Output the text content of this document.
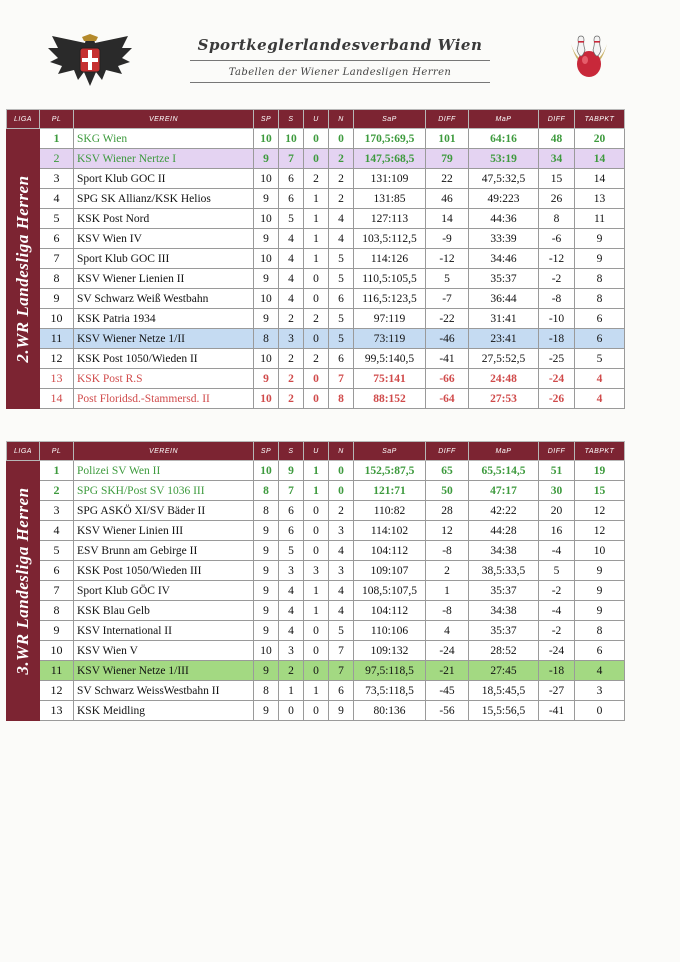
Sportkeglerlandesverband Wien
Tabellen der Wiener Landesligen Herren
LIGA	PL	VEREIN	SP	S	U	N	SaP	DIFF	MaP	DIFF	TABPKT
	1	SKG Wien	10	10	0	0	170,5:69,5	101	64:16	48	20
	2	KSV Wiener Nertze I	9	7	0	2	147,5:68,5	79	53:19	34	14
	3	Sport Klub GOC II	10	6	2	2	131:109	22	47,5:32,5	15	14
	4	SPG SK Allianz/KSK Helios	9	6	1	2	131:85	46	49:223	26	13
	5	KSK Post Nord	10	5	1	4	127:113	14	44:36	8	11
	6	KSV Wien IV	9	4	1	4	103,5:112,5	-9	33:39	-6	9
	7	Sport Klub GOC III	10	4	1	5	114:126	-12	34:46	-12	9
	8	KSV Wiener Lienien II	9	4	0	5	110,5:105,5	5	35:37	-2	8
	9	SV Schwarz Weiß Westbahn	10	4	0	6	116,5:123,5	-7	36:44	-8	8
	10	KSK Patria 1934	9	2	2	5	97:119	-22	31:41	-10	6
	11	KSV Wiener Netze 1/II	8	3	0	5	73:119	-46	23:41	-18	6
	12	KSK Post 1050/Wieden II	10	2	2	6	99,5:140,5	-41	27,5:52,5	-25	5
	13	KSK Post R.S	9	2	0	7	75:141	-66	24:48	-24	4
	14	Post Floridsd.-Stammersd. II	10	2	0	8	88:152	-64	27:53	-26	4
2.WR Landesliga Herren
LIGA	PL	VEREIN	SP	S	U	N	SaP	DIFF	MaP	DIFF	TABPKT
	1	Polizei SV Wen II	10	9	1	0	152,5:87,5	65	65,5:14,5	51	19
	2	SPG SKH/Post SV 1036 III	8	7	1	0	121:71	50	47:17	30	15
	3	SPG ASKÖ XI/SV Bäder II	8	6	0	2	110:82	28	42:22	20	12
	4	KSV Wiener Linien III	9	6	0	3	114:102	12	44:28	16	12
	5	ESV Brunn am Gebirge II	9	5	0	4	104:112	-8	34:38	-4	10
	6	KSK Post 1050/Wieden III	9	3	3	3	109:107	2	38,5:33,5	5	9
	7	Sport Klub GÖC IV	9	4	1	4	108,5:107,5	1	35:37	-2	9
	8	KSK Blau Gelb	9	4	1	4	104:112	-8	34:38	-4	9
	9	KSV International II	9	4	0	5	110:106	4	35:37	-2	8
	10	KSV Wien V	10	3	0	7	109:132	-24	28:52	-24	6
	11	KSV Wiener Netze 1/III	9	2	0	7	97,5:118,5	-21	27:45	-18	4
	12	SV Schwarz WeissWestbahn II	8	1	1	6	73,5:118,5	-45	18,5:45,5	-27	3
	13	KSK Meidling	9	0	0	9	80:136	-56	15,5:56,5	-41	0
3.WR Landesliga Herren
